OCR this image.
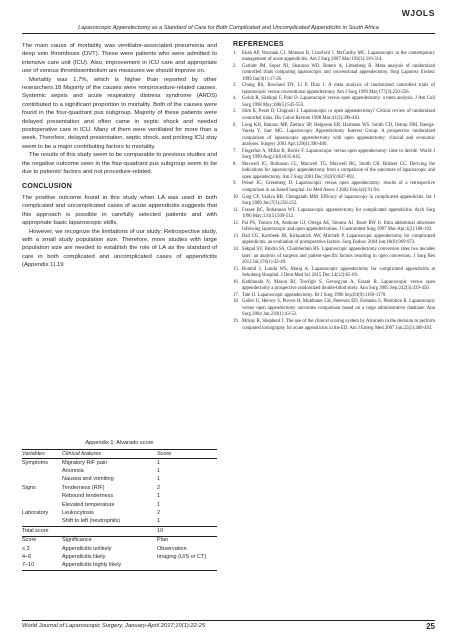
WJOLS
Laparoscopic Appendectomy as a Standard of Care for Both Complicated and Uncomplicated Appendicitis in South Africa

The main cause of morbidity was ventilator-associated pneumonia and deep vein thrombosis (DVT). These were patients who were admitted to intensive care unit (ICU). Also, improvement in ICU care and appropriate use of venous thromboembolism are measures we should improve on.

Mortality was 1.7%, which is higher than reported by other researchers.18 Majority of the causes were nonprocedure-related causes. Systemic sepsis and acute respiratory distress syndrome (ARDS) contributed to a significant proportion to mortality. Both of the causes were found in the four-quadrant pus subgroup. Majority of these patients were delayed presentation and often came in septic shock and needed postoperative care in ICU. Many of them were ventilated for more than a week. Therefore, delayed presentation, septic shock, and prolong ICU stay seem to be a major contributing factors to mortality.

The results of this study seem to be comparable to previous studies and the negative outcome seen in the four-quadrant pus subgroup seem to be due to patients' factors and not procedure-related.

CONCLUSION

The positive outcome found in this study when LA was used in both complicated and uncomplicated cases of acute appendicitis suggests that this approach is possible in carefully selected patients and with appropriate basic laparoscopic skills.

However, we recognize the limitations of our study: Retrospective study, with a small study population size. Therefore, more studies with large population size are needed to establish the role of LA as the standard of care in both complicated and uncomplicated cases of appendicitis (Appendix 1).19

Appendix 1: Alvarado score
Variables	Clinical features	Score
Symptoms	Migratory RIF pain	1
	Anorexia	1
	Nausea and vomiting	1
Signs	Tenderness (RIF)	2
	Rebound tenderness	1
	Elevated temperature	1
Laboratory	Leukocytosis	2
	Shift to left (neutrophils)	1
Total score		10
Score	Significance	Plan
≤ 3	Appendicitis unlikely	Observation
4–6	Appendicitis likely	Imaging (U/S or CT)
7–10	Appendicitis highly likely	
REFERENCES
1.	Ekah AP, Wozniak CJ, Monson B, Crawford J, McCarthy MC. Laparoscopic in the contemporary management of acute appendicitis. Am J Surg 2007 Mar;193(3):310-314.
2.	Garbutt JM, Soper NJ, Shannon WD, Botero A, Littenberg B. Meta analysis of randomized controlled trials comparing laparoscopic and conventional appendectomy. Surg Laparosc Endosc 1999 Jan;9(1):17-26.
3.	Chung RS, Rowland DY, Li P, Diaz J. A meta analysis of randomized controlled trials of laparoscopic versus conventional appendectomy. Am J Surg 1999 Mar;177(3):250-256.
4.	Golub R, Siddiqui F, Pohl D. Laparoscopic versus open appendectomy: a meta analysis. J Am Coll Surg 1998 May;186(5):545-553.
5.	Slim K, Pezet D, Chipponi J. Laparoscopic or open appendectomy? Critical review of randomized controlled trials. Dis Colon Rectum 1998 Mar;41(3):398-403.
6.	Long KH, Bannon MP, Zietlow SP, Helgeson ER, Harmsen WS, Smith CD, Ilstrup DM, Baerga-Varela Y, Sarr MG. Laparoscopic Appendectomy Interest Group. A prospective randomized comparison of laparoscopic appendectomy with open appendectomy: clinical and economic analyses. Surgery 2001 Apr;129(4):390-400.
7.	Fingerhut A, Millat B, Borrie F. Laparoscopic versus open appendectomy: time to decide. World J Surg 1999 Aug;23(8):835-845.
8.	Maxwell JG, Robinson CL, Maxwell TG, Maxwell BG, Smith CR, Brinker CC. Deriving the indications for laparoscopic appendectomy from a comparison of the outcomes of laparoscopic and open appendectomy. Am J Surg 2001 Dec;182(6):687-692.
9.	Peiser JG, Greenberg D. Laparoscopic versus open appendectomy: results of a retrospective comparison in an Israeli hospital. Isr Med Assoc J 2002 Feb;4(4):91-94.
10. Garg CP, Vaidya BB, Chengalath MM. Efficacy of laparoscopy in complicated appendicitis. Int J Surg 2009 Jun;7(3):250-252.
11. Frazee RC, Bohannon WT. Laparoscopic appendectomy for complicated appendicitis. Arch Surg 1996 May;131(5):509-512.
12. Pai PS, Toezen JA, Anthone GJ, Ortega AE, Simons AJ, Beart RW Jr. Intra abdominal abscesses following laparoscopic and open appendectomies. J Gastrointest Surg 1997 Mar-Apr;1(2):188-192.
13. Ball CG, Kortbeek JB, Kirkpatrick AW, Mitchell P. Laparoscopic appendectomy for complicated appendicitis: an evaluation of postoperative factors. Surg Endosc 2004 Jun;18(6):969-973.
14. Sakpal SV, Bindra SS, Chamberlain RS. Laparoscopic appendectomy conversion rates two decades later: an analysis of surgeon and patient-specific factors resulting in open conversion. J Surg Res 2012 Jul;176(1):42-49.
15. Bombil I, Lunda WS, Maraj A. Laparoscopic appendectomy for complicated appendicitis at Sebokeng Hospital. J Dent Med Sci 2015 Dec;14(12):65-69.
16. Katkhouda N, Mason RJ, Towfigh S, Gevorgyan A, Essani R. Laparoscopic versus open appendectomy a prospective randomized double-blind study. Ann Surg 2005 Sep;242(3):439-450.
17. Tate JJ. Laparoscopic appendectomy. Br J Surg 1996 Sep;83(9):1169-1170.
18. Guller U, Hervey S, Purves H, Muhlbaier LH, Peterson ED, Eubanks S, Pietrobon R. Laparoscopic versus open appendectomy outcomes comparison based on a large administrative database. Ann Surg 2004 Jan;239(1):43-52.
19. Mckay R, Shepherd J. The use of the clinical scoring system by Alvarado in the decision to perform computed tomography for acute appendicitis in the ED. Am J Emerg Med 2007 Jun;25(5):489-493.
World Journal of Laparoscopic Surgery, January-April 2017;10(1):22-25	25
